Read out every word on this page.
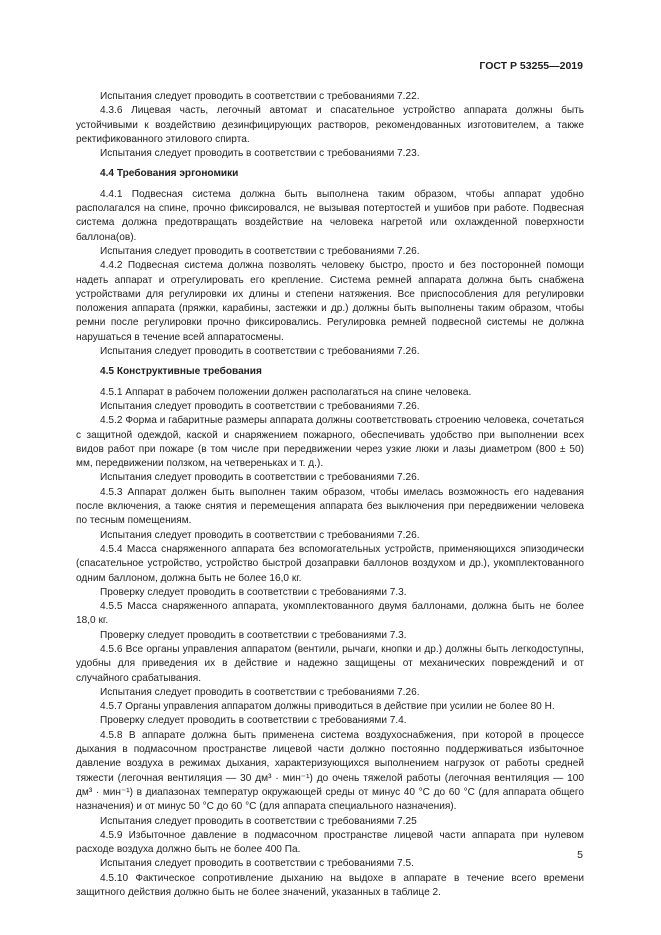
ГОСТ Р 53255—2019

Испытания следует проводить в соответствии с требованиями 7.22.

4.3.6 Лицевая часть, легочный автомат и спасательное устройство аппарата должны быть устойчивыми к воздействию дезинфицирующих растворов, рекомендованных изготовителем, а также ректификованного этилового спирта.

Испытания следует проводить в соответствии с требованиями 7.23.

4.4 Требования эргономики

4.4.1 Подвесная система должна быть выполнена таким образом, чтобы аппарат удобно располагался на спине, прочно фиксировался, не вызывая потертостей и ушибов при работе. Подвесная система должна предотвращать воздействие на человека нагретой или охлажденной поверхности баллона(ов).

Испытания следует проводить в соответствии с требованиями 7.26.

4.4.2 Подвесная система должна позволять человеку быстро, просто и без посторонней помощи надеть аппарат и отрегулировать его крепление. Система ремней аппарата должна быть снабжена устройствами для регулировки их длины и степени натяжения. Все приспособления для регулировки положения аппарата (пряжки, карабины, застежки и др.) должны быть выполнены таким образом, чтобы ремни после регулировки прочно фиксировались. Регулировка ремней подвесной системы не должна нарушаться в течение всей аппаратосмены.

Испытания следует проводить в соответствии с требованиями 7.26.

4.5 Конструктивные требования

4.5.1 Аппарат в рабочем положении должен располагаться на спине человека.

Испытания следует проводить в соответствии с требованиями 7.26.

4.5.2 Форма и габаритные размеры аппарата должны соответствовать строению человека, сочетаться с защитной одеждой, каской и снаряжением пожарного, обеспечивать удобство при выполнении всех видов работ при пожаре (в том числе при передвижении через узкие люки и лазы диаметром (800 ± 50) мм, передвижении ползком, на четвереньках и т. д.).

Испытания следует проводить в соответствии с требованиями 7.26.

4.5.3 Аппарат должен быть выполнен таким образом, чтобы имелась возможность его надевания после включения, а также снятия и перемещения аппарата без выключения при передвижении человека по тесным помещениям.

Испытания следует проводить в соответствии с требованиями 7.26.

4.5.4 Масса снаряженного аппарата без вспомогательных устройств, применяющихся эпизодически (спасательное устройство, устройство быстрой дозаправки баллонов воздухом и др.), укомплектованного одним баллоном, должна быть не более 16,0 кг.

Проверку следует проводить в соответствии с требованиями 7.3.

4.5.5 Масса снаряженного аппарата, укомплектованного двумя баллонами, должна быть не более 18,0 кг.

Проверку следует проводить в соответствии с требованиями 7.3.

4.5.6 Все органы управления аппаратом (вентили, рычаги, кнопки и др.) должны быть легкодоступны, удобны для приведения их в действие и надежно защищены от механических повреждений и от случайного срабатывания.

Испытания следует проводить в соответствии с требованиями 7.26.

4.5.7 Органы управления аппаратом должны приводиться в действие при усилии не более 80 Н.

Проверку следует проводить в соответствии с требованиями 7.4.

4.5.8 В аппарате должна быть применена система воздухоснабжения, при которой в процессе дыхания в подмасочном пространстве лицевой части должно постоянно поддерживаться избыточное давление воздуха в режимах дыхания, характеризующихся выполнением нагрузок от работы средней тяжести (легочная вентиляция — 30 дм³ · мин⁻¹) до очень тяжелой работы (легочная вентиляция — 100 дм³ · мин⁻¹) в диапазонах температур окружающей среды от минус 40 °С до 60 °С (для аппарата общего назначения) и от минус 50 °С до 60 °С (для аппарата специального назначения).

Испытания следует проводить в соответствии с требованиями 7.25

4.5.9 Избыточное давление в подмасочном пространстве лицевой части аппарата при нулевом расходе воздуха должно быть не более 400 Па.

Испытания следует проводить в соответствии с требованиями 7.5.

4.5.10 Фактическое сопротивление дыханию на выдохе в аппарате в течение всего времени защитного действия должно быть не более значений, указанных в таблице 2.

5
